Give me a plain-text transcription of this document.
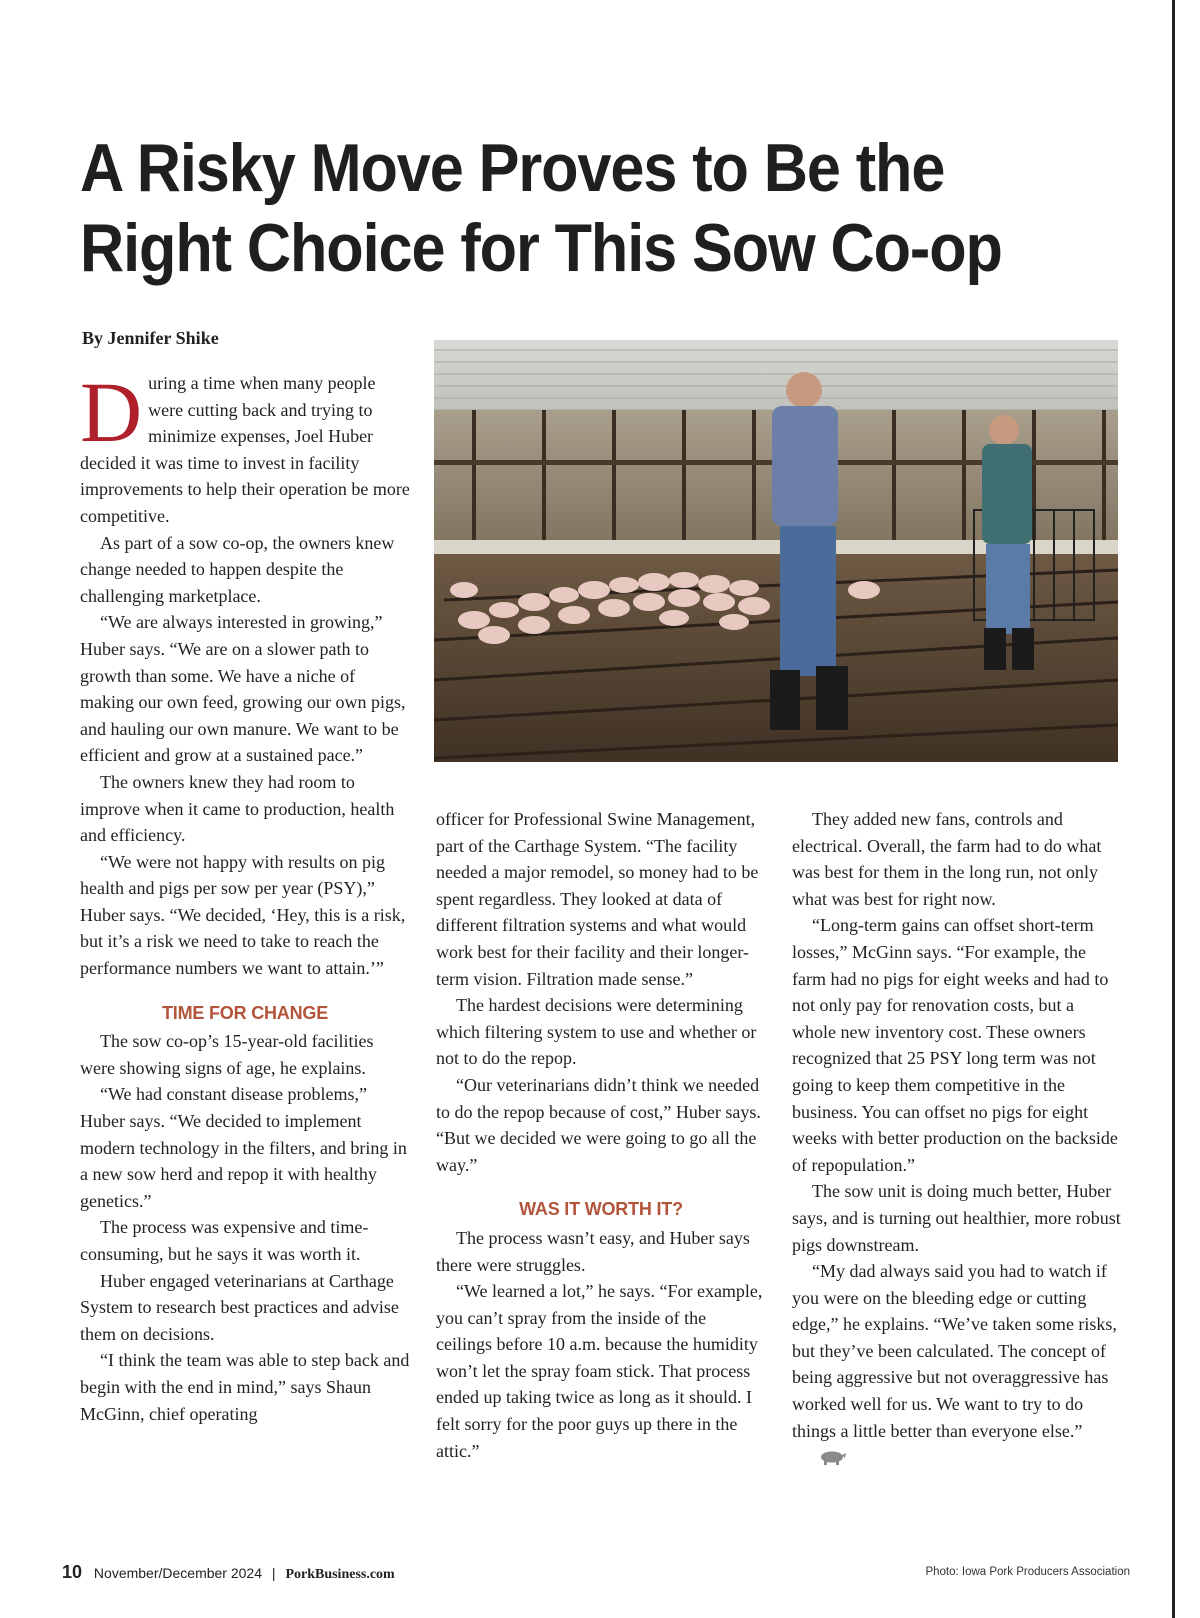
A Risky Move Proves to Be the
Right Choice for This Sow Co-op
By Jennifer Shike

During a time when many people were cutting back and trying to minimize expenses, Joel Huber decided it was time to invest in facility improvements to help their operation be more competitive.

As part of a sow co-op, the owners knew change needed to happen despite the challenging marketplace.

“We are always interested in growing,” Huber says. “We are on a slower path to growth than some. We have a niche of making our own feed, growing our own pigs, and hauling our own manure. We want to be efficient and grow at a sustained pace.”

The owners knew they had room to improve when it came to production, health and efficiency.

“We were not happy with results on pig health and pigs per sow per year (PSY),” Huber says. “We decided, ‘Hey, this is a risk, but it’s a risk we need to take to reach the performance numbers we want to attain.’”

TIME FOR CHANGE

The sow co-op’s 15-year-old facilities were showing signs of age, he explains.

“We had constant disease problems,” Huber says. “We decided to implement modern technology in the filters, and bring in a new sow herd and repop it with healthy genetics.”

The process was expensive and time-consuming, but he says it was worth it.

Huber engaged veterinarians at Carthage System to research best practices and advise them on decisions.

“I think the team was able to step back and begin with the end in mind,” says Shaun McGinn, chief operating

officer for Professional Swine Management, part of the Carthage System. “The facility needed a major remodel, so money had to be spent regardless. They looked at data of different filtration systems and what would work best for their facility and their longer-term vision. Filtration made sense.”

The hardest decisions were determining which filtering system to use and whether or not to do the repop.

“Our veterinarians didn’t think we needed to do the repop because of cost,” Huber says. “But we decided we were going to go all the way.”

WAS IT WORTH IT?

The process wasn’t easy, and Huber says there were struggles.

“We learned a lot,” he says. “For example, you can’t spray from the inside of the ceilings before 10 a.m. because the humidity won’t let the spray foam stick. That process ended up taking twice as long as it should. I felt sorry for the poor guys up there in the attic.”

They added new fans, controls and electrical. Overall, the farm had to do what was best for them in the long run, not only what was best for right now.

“Long-term gains can offset short-term losses,” McGinn says. “For example, the farm had no pigs for eight weeks and had to not only pay for renovation costs, but a whole new inventory cost. These owners recognized that 25 PSY long term was not going to keep them competitive in the business. You can offset no pigs for eight weeks with better production on the backside of repopulation.”

The sow unit is doing much better, Huber says, and is turning out healthier, more robust pigs downstream.

“My dad always said you had to watch if you were on the bleeding edge or cutting edge,” he explains. “We’ve taken some risks, but they’ve been calculated. The concept of being aggressive but not overaggressive has worked well for us. We want to try to do things a little better than everyone else.”

10 November/December 2024 | PorkBusiness.com	Photo: Iowa Pork Producers Association
